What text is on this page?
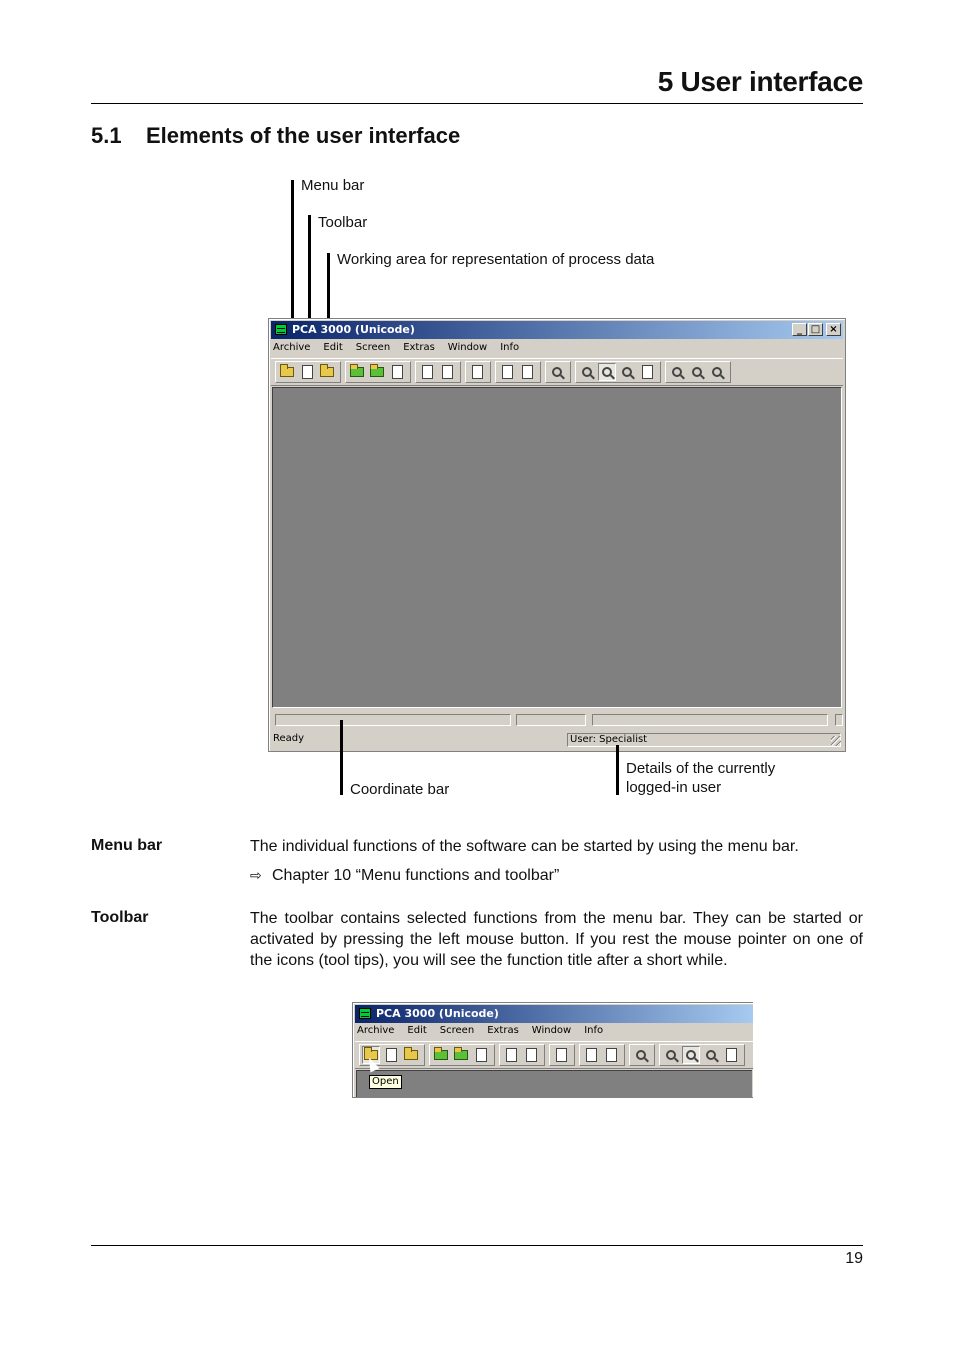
5 User interface
5.1 Elements of the user interface
Menu bar
Toolbar
Working area for representation of process data
PCA 3000 (Unicode)	_ □ ×
Archive Edit Screen Extras Window Info
Ready	User: Specialist
Coordinate bar
Details of the currently
logged-in user
Menu bar	The individual functions of the software can be started by using the menu bar.
⇨ Chapter 10 “Menu functions and toolbar”
Toolbar	The toolbar contains selected functions from the menu bar. They can be started or activated by pressing the left mouse button. If you rest the mouse pointer on one of the icons (tool tips), you will see the function title after a short while.
PCA 3000 (Unicode)
Archive Edit Screen Extras Window Info
Open
19
